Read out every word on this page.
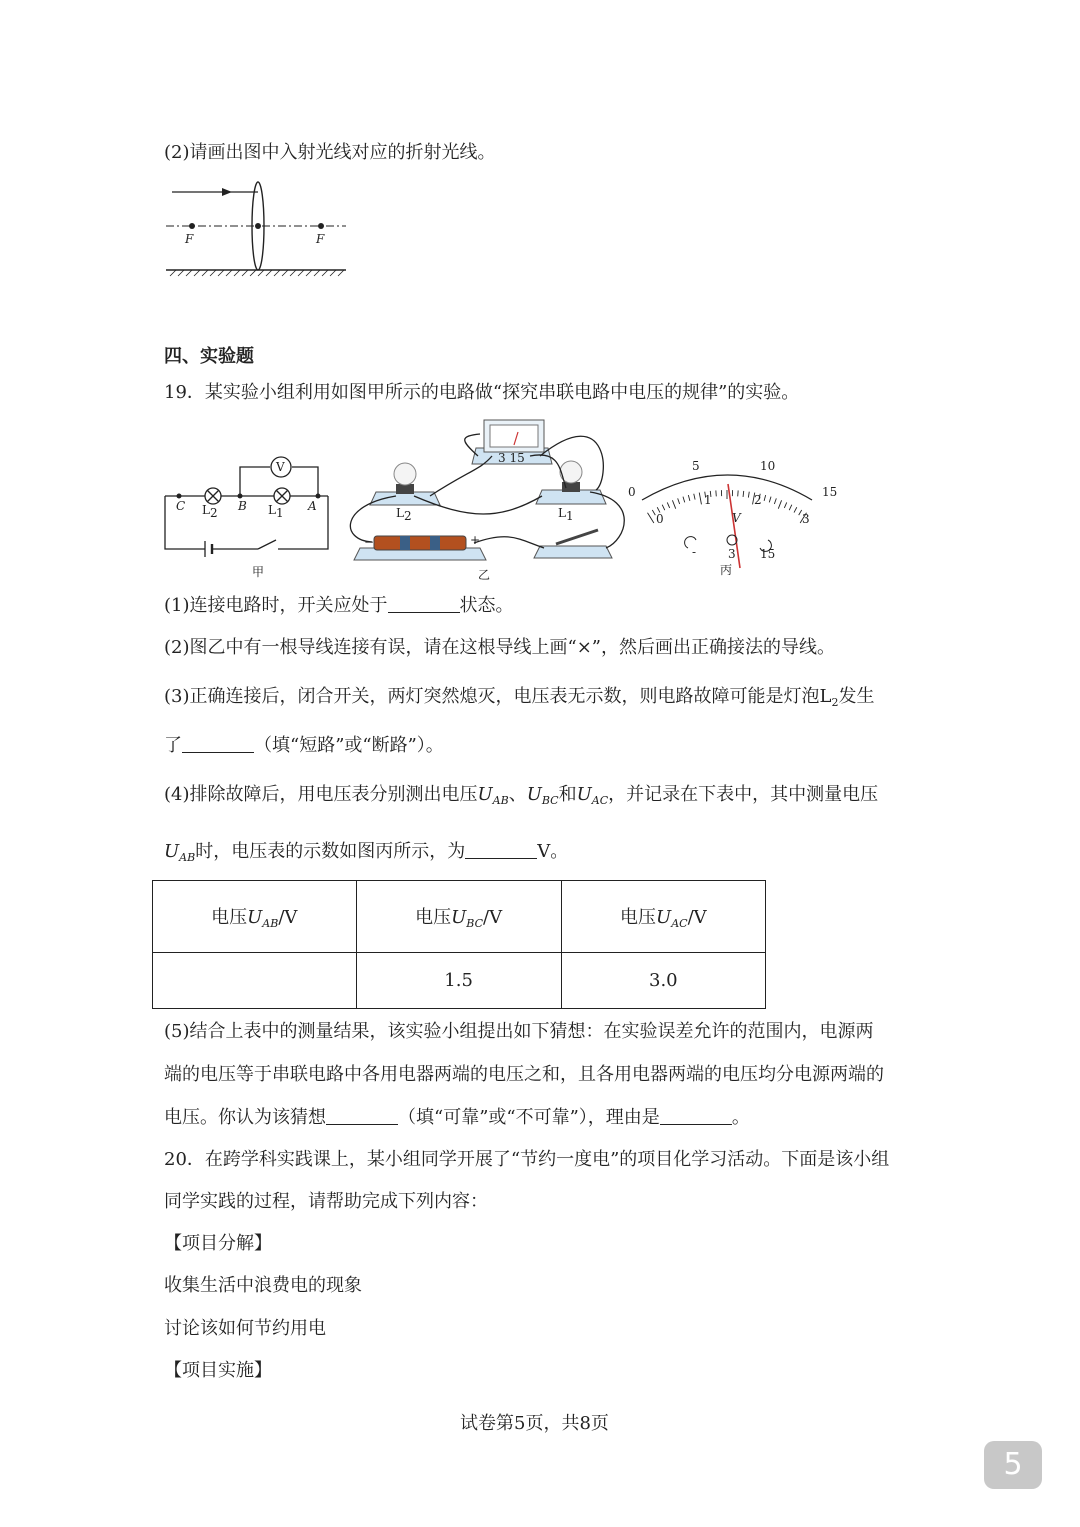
(2)请画出图中入射光线对应的折射光线。
F	F
四、实验题
19．某实验小组利用如图甲所示的电路做“探究串联电路中电压的规律”的实验。
V
C L 2 B L 1 A
甲
3 15
−	+
L 2	L 1
乙
0
5	10
15
0
1	2
3
V
-	3 15
丙
(1)连接电路时，开关应处于	状态。
(2)图乙中有一根导线连接有误，请在这根导线上画“×”，然后画出正确接法的导线。
(3)正确连接后，闭合开关，两灯突然熄灭，电压表无示数，则电路故障可能是灯泡$L_2$发生
了	（填“短路”或“断路”）。
(4)排除故障后，用电压表分别测出电压$U_{AB}$、$U_{BC}$和$U_{AC}$，并记录在下表中，其中测量电压
$U_{AB}$时，电压表的示数如图丙所示，为	V。
电压$U_{AB}/V$	电压$U_{BC}/V$	电压$U_{AC}/V$
	1.5	3.0
(5)结合上表中的测量结果，该实验小组提出如下猜想：在实验误差允许的范围内，电源两
端的电压等于串联电路中各用电器两端的电压之和，且各用电器两端的电压均分电源两端的
电压。你认为该猜想	（填“可靠”或“不可靠”），理由是	。
20．在跨学科实践课上，某小组同学开展了“节约一度电”的项目化学习活动。下面是该小组
同学实践的过程，请帮助完成下列内容：
【项目分解】
收集生活中浪费电的现象
讨论该如何节约用电
【项目实施】
试卷第5页，共8页
5
